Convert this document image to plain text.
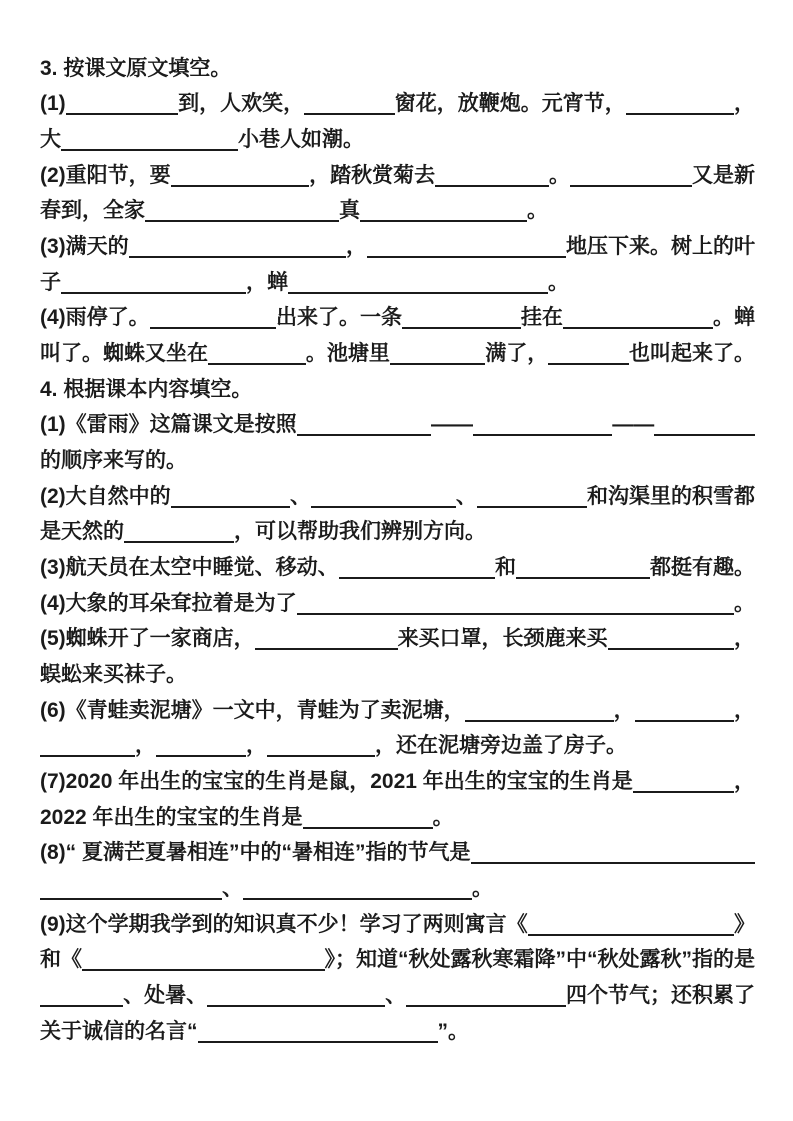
3. 按课文原文填空。
(1)	到，人欢笑，	窗花，放鞭炮。元宵节，	，
大	小巷人如潮。
(2)重阳节，要	，踏秋赏菊去	。	又是新
春到，全家	真	。
(3)满天的	，	地压下来。树上的叶
子	，蝉	。
(4)雨停了。	出来了。一条	挂在	。蝉
叫了。蜘蛛又坐在	。池塘里	满了，	也叫起来了。
4. 根据课本内容填空。
(1)《雷雨》这篇课文是按照	——	——
的顺序来写的。
(2)大自然中的	、	、	和沟渠里的积雪都
是天然的	，可以帮助我们辨别方向。
(3)航天员在太空中睡觉、移动、	和	都挺有趣。
(4)大象的耳朵耷拉着是为了	。
(5)蜘蛛开了一家商店，	来买口罩，长颈鹿来买	，
蜈蚣来买袜子。
(6)《青蛙卖泥塘》一文中，青蛙为了卖泥塘，	，	，
，	，	，还在泥塘旁边盖了房子。
(7)2020 年出生的宝宝的生肖是鼠，2021 年出生的宝宝的生肖是	，
2022 年出生的宝宝的生肖是	。
(8)“ 夏满芒夏暑相连”中的“暑相连”指的节气是
、	。
(9)这个学期我学到的知识真不少！学习了两则寓言《	》
和《	》；知道“秋处露秋寒霜降”中“秋处露秋”指的是
、处暑、	、	四个节气；还积累了
关于诚信的名言“	”。
